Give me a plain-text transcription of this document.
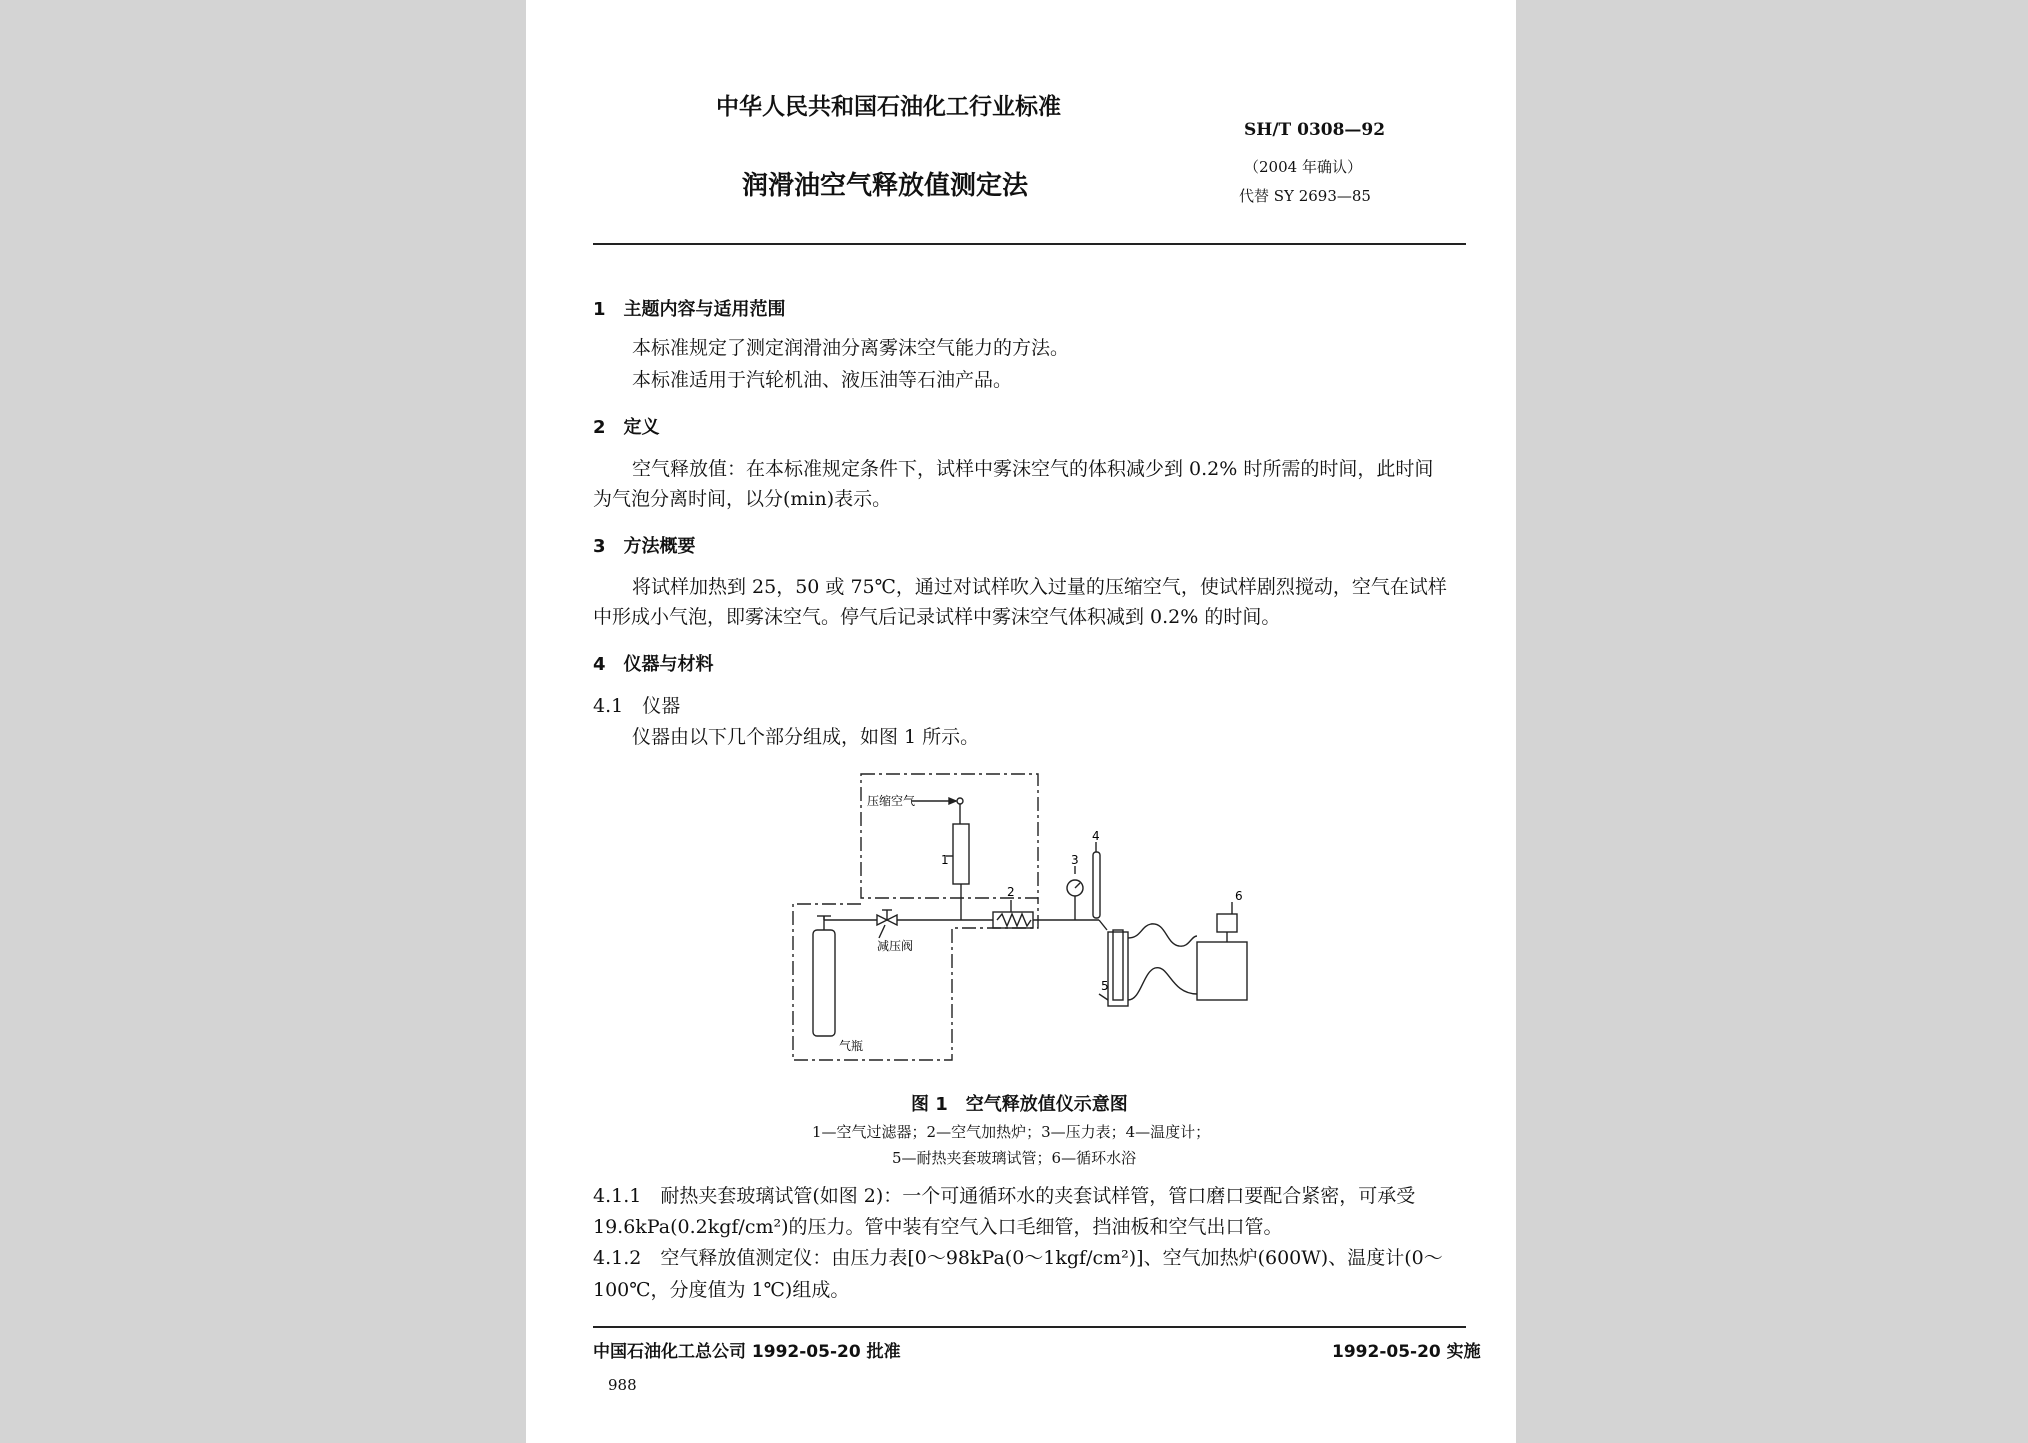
中华人民共和国石油化工行业标准
SH/T 0308—92
润滑油空气释放值测定法
（2004 年确认）
代替 SY 2693—85
1　主题内容与适用范围
本标准规定了测定润滑油分离雾沫空气能力的方法。
本标准适用于汽轮机油、液压油等石油产品。
2　定义
空气释放值：在本标准规定条件下，试样中雾沫空气的体积减少到 0.2% 时所需的时间，此时间
为气泡分离时间，以分(min)表示。
3　方法概要
将试样加热到 25，50 或 75℃，通过对试样吹入过量的压缩空气，使试样剧烈搅动，空气在试样
中形成小气泡，即雾沫空气。停气后记录试样中雾沫空气体积减到 0.2% 的时间。
4　仪器与材料
4.1　仪器
仪器由以下几个部分组成，如图 1 所示。
压缩空气
1
2
3
4
5
6
减压阀
气瓶
图 1　空气释放值仪示意图
1—空气过滤器；2—空气加热炉；3—压力表；4—温度计；
5—耐热夹套玻璃试管；6—循环水浴
4.1.1　耐热夹套玻璃试管(如图 2)：一个可通循环水的夹套试样管，管口磨口要配合紧密，可承受
19.6kPa(0.2kgf/cm²)的压力。管中装有空气入口毛细管，挡油板和空气出口管。
4.1.2　空气释放值测定仪：由压力表[0～98kPa(0～1kgf/cm²)]、空气加热炉(600W)、温度计(0～
100℃，分度值为 1℃)组成。
中国石油化工总公司 1992-05-20 批准	1992-05-20 实施
988
